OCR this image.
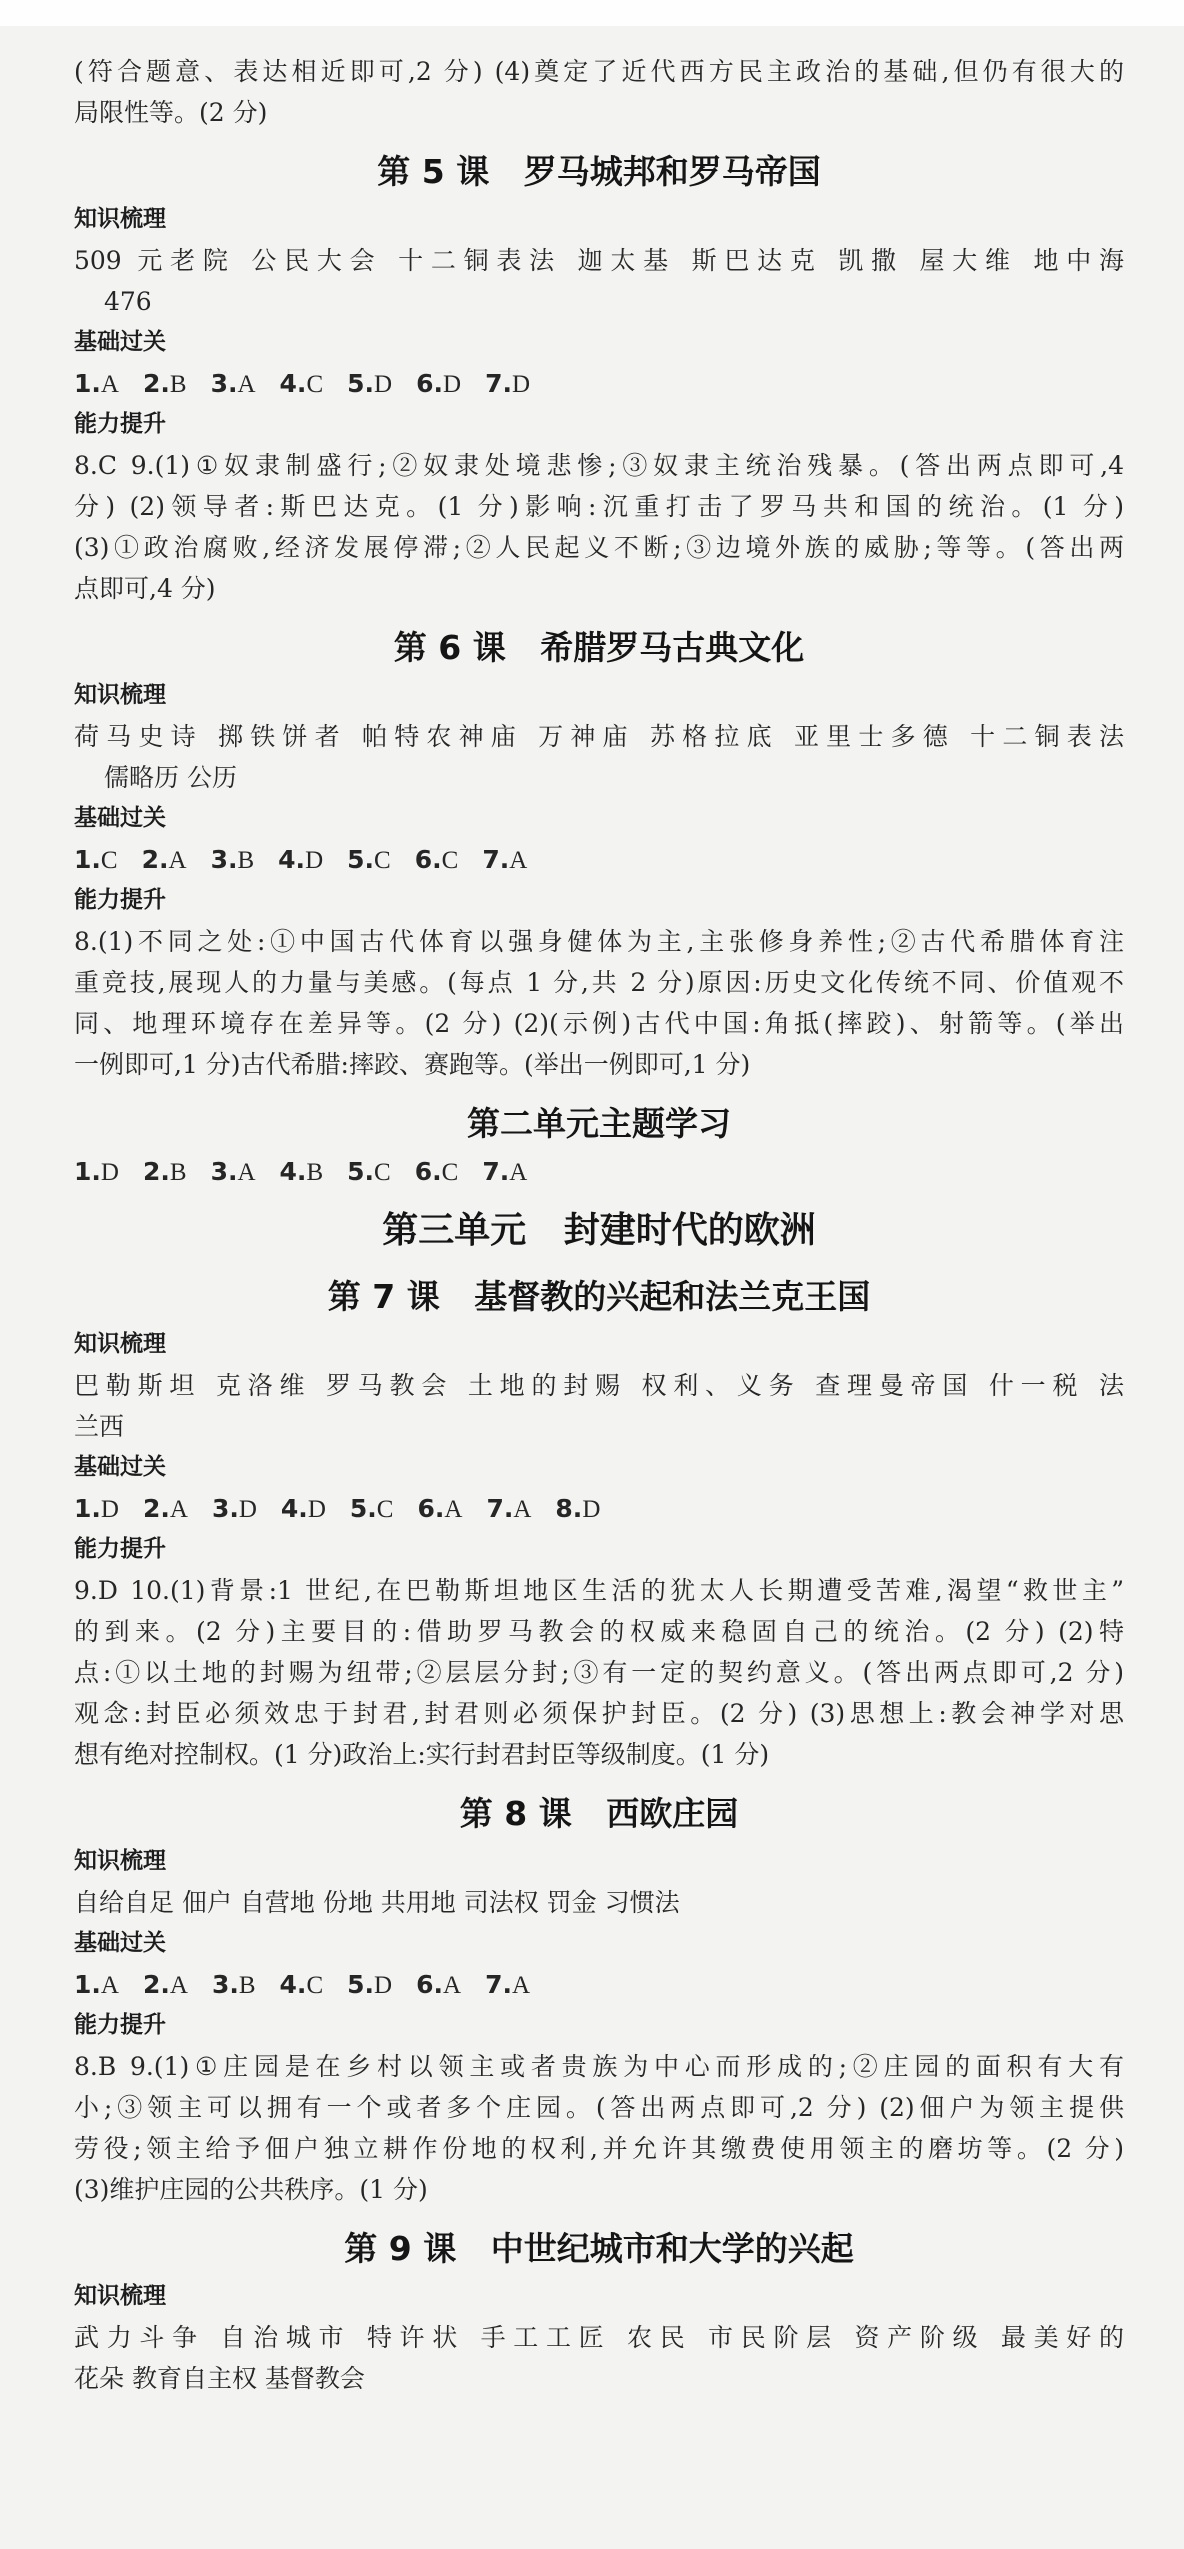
(符合题意、表达相近即可,2 分) (4)奠定了近代西方民主政治的基础,但仍有很大的
局限性等。(2 分)
第 5 课   罗马城邦和罗马帝国
知识梳理
509 元老院 公民大会 十二铜表法 迦太基 斯巴达克 凯撒 屋大维 地中海
476
基础过关
1.A 2.B 3.A 4.C 5.D 6.D 7.D
能力提升
8.C 9.(1)①奴隶制盛行;②奴隶处境悲惨;③奴隶主统治残暴。(答出两点即可,4
分) (2)领导者:斯巴达克。(1 分)影响:沉重打击了罗马共和国的统治。(1 分)
(3)①政治腐败,经济发展停滞;②人民起义不断;③边境外族的威胁;等等。(答出两
点即可,4 分)
第 6 课   希腊罗马古典文化
知识梳理
荷马史诗 掷铁饼者 帕特农神庙 万神庙 苏格拉底 亚里士多德 十二铜表法
儒略历 公历
基础过关
1.C 2.A 3.B 4.D 5.C 6.C 7.A
能力提升
8.(1)不同之处:①中国古代体育以强身健体为主,主张修身养性;②古代希腊体育注
重竞技,展现人的力量与美感。(每点 1 分,共 2 分)原因:历史文化传统不同、价值观不
同、地理环境存在差异等。(2 分) (2)(示例)古代中国:角抵(摔跤)、射箭等。(举出
一例即可,1 分)古代希腊:摔跤、赛跑等。(举出一例即可,1 分)
第二单元主题学习
1.D 2.B 3.A 4.B 5.C 6.C 7.A
第三单元   封建时代的欧洲
第 7 课   基督教的兴起和法兰克王国
知识梳理
巴勒斯坦 克洛维 罗马教会 土地的封赐 权利、义务 查理曼帝国 什一税 法
兰西
基础过关
1.D 2.A 3.D 4.D 5.C 6.A 7.A 8.D
能力提升
9.D 10.(1)背景:1 世纪,在巴勒斯坦地区生活的犹太人长期遭受苦难,渴望“救世主”
的到来。(2 分)主要目的:借助罗马教会的权威来稳固自己的统治。(2 分) (2)特
点:①以土地的封赐为纽带;②层层分封;③有一定的契约意义。(答出两点即可,2 分)
观念:封臣必须效忠于封君,封君则必须保护封臣。(2 分) (3)思想上:教会神学对思
想有绝对控制权。(1 分)政治上:实行封君封臣等级制度。(1 分)
第 8 课   西欧庄园
知识梳理
自给自足 佃户 自营地 份地 共用地 司法权 罚金 习惯法
基础过关
1.A 2.A 3.B 4.C 5.D 6.A 7.A
能力提升
8.B 9.(1)①庄园是在乡村以领主或者贵族为中心而形成的;②庄园的面积有大有
小;③领主可以拥有一个或者多个庄园。(答出两点即可,2 分) (2)佃户为领主提供
劳役;领主给予佃户独立耕作份地的权利,并允许其缴费使用领主的磨坊等。(2 分)
(3)维护庄园的公共秩序。(1 分)
第 9 课   中世纪城市和大学的兴起
知识梳理
武力斗争 自治城市 特许状 手工工匠 农民 市民阶层 资产阶级 最美好的
花朵 教育自主权 基督教会
